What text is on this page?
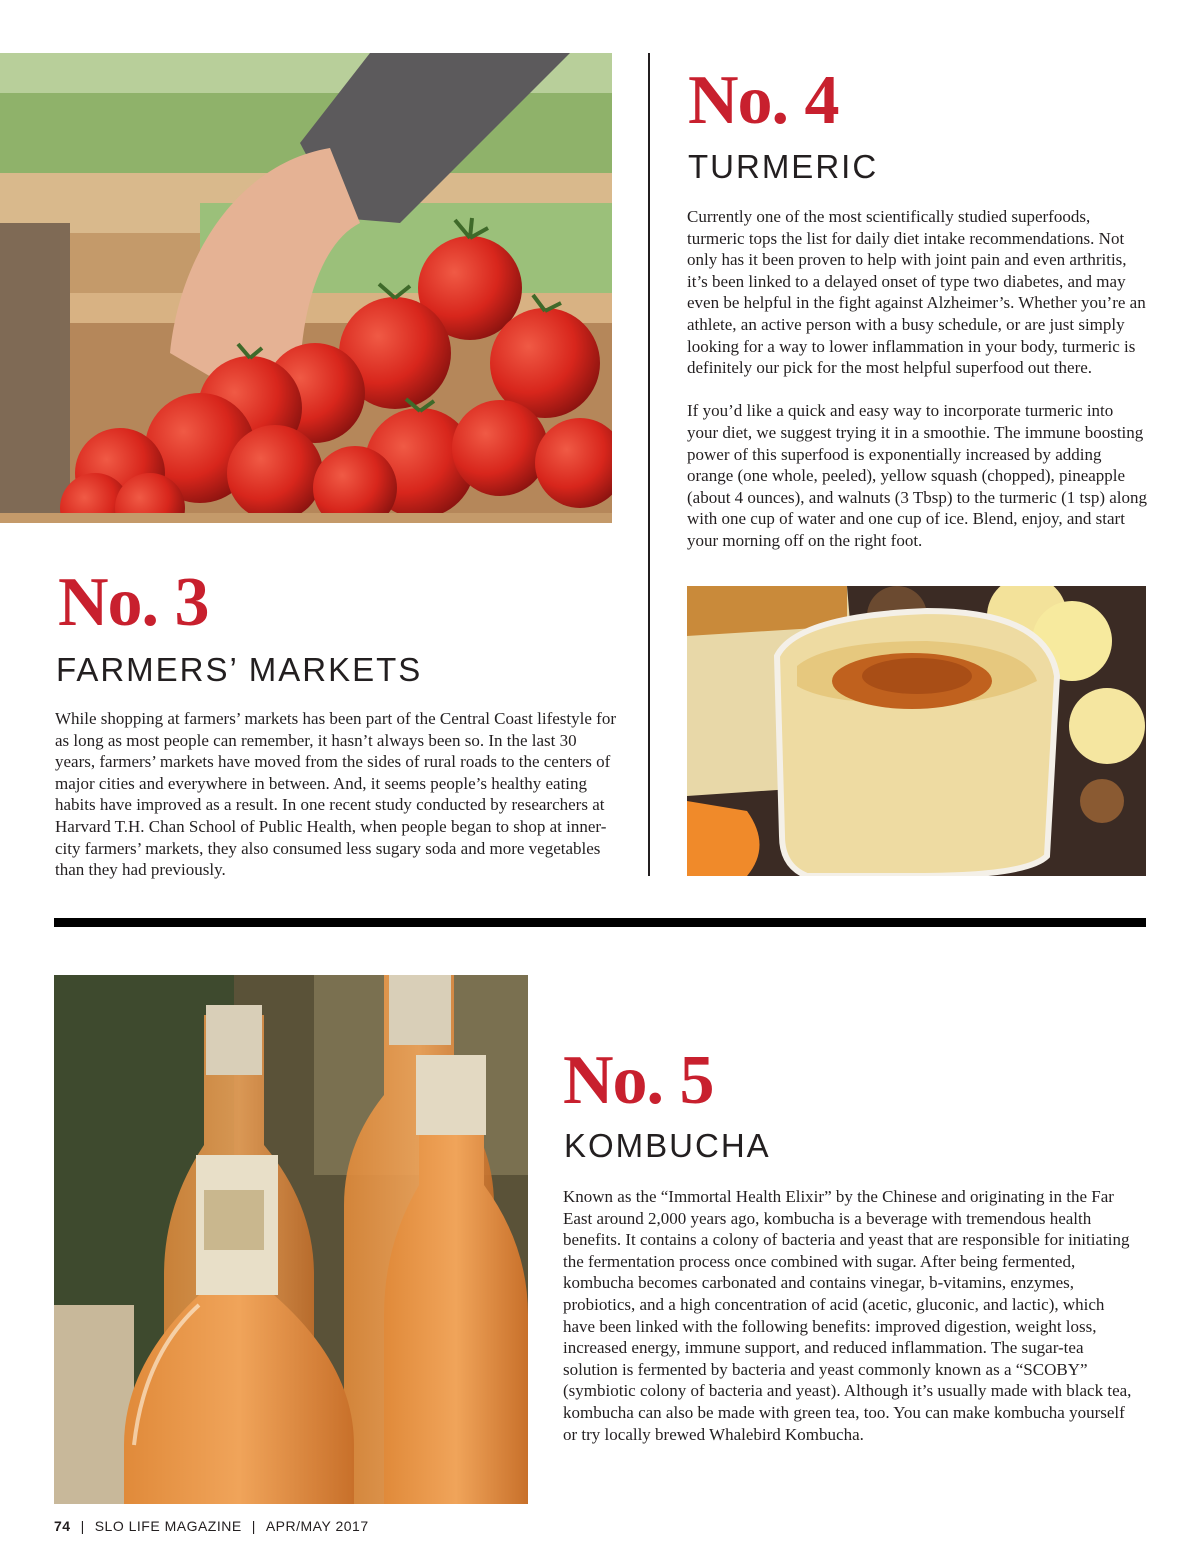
No. 4
TURMERIC

Currently one of the most scientifically studied superfoods, turmeric tops the list for daily diet intake recommendations. Not only has it been proven to help with joint pain and even arthritis, it’s been linked to a delayed onset of type two diabetes, and may even be helpful in the fight against Alzheimer’s. Whether you’re an athlete, an active person with a busy schedule, or are just simply looking for a way to lower inflammation in your body, turmeric is definitely our pick for the most helpful superfood out there.

If you’d like a quick and easy way to incorporate turmeric into your diet, we suggest trying it in a smoothie. The immune boosting power of this superfood is exponentially increased by adding orange (one whole, peeled), yellow squash (chopped), pineapple (about 4 ounces), and walnuts (3 Tbsp) to the turmeric (1 tsp) along with one cup of water and one cup of ice. Blend, enjoy, and start your morning off on the right foot.

No. 3
FARMERS’ MARKETS

While shopping at farmers’ markets has been part of the Central Coast lifestyle for as long as most people can remember, it hasn’t always been so. In the last 30 years, farmers’ markets have moved from the sides of rural roads to the centers of major cities and everywhere in between. And, it seems people’s healthy eating habits have improved as a result. In one recent study conducted by researchers at Harvard T.H. Chan School of Public Health, when people began to shop at inner-city farmers’ markets, they also consumed less sugary soda and more vegetables than they had previously.

No. 5
KOMBUCHA

Known as the “Immortal Health Elixir” by the Chinese and originating in the Far East around 2,000 years ago, kombucha is a beverage with tremendous health benefits. It contains a colony of bacteria and yeast that are responsible for initiating the fermentation process once combined with sugar. After being fermented, kombucha becomes carbonated and contains vinegar, b-vitamins, enzymes, probiotics, and a high concentration of acid (acetic, gluconic, and lactic), which have been linked with the following benefits: improved digestion, weight loss, increased energy, immune support, and reduced inflammation. The sugar-tea solution is fermented by bacteria and yeast commonly known as a “SCOBY” (symbiotic colony of bacteria and yeast). Although it’s usually made with black tea, kombucha can also be made with green tea, too. You can make kombucha yourself or try locally brewed Whalebird Kombucha.

74 | SLO LIFE MAGAZINE | APR/MAY 2017
